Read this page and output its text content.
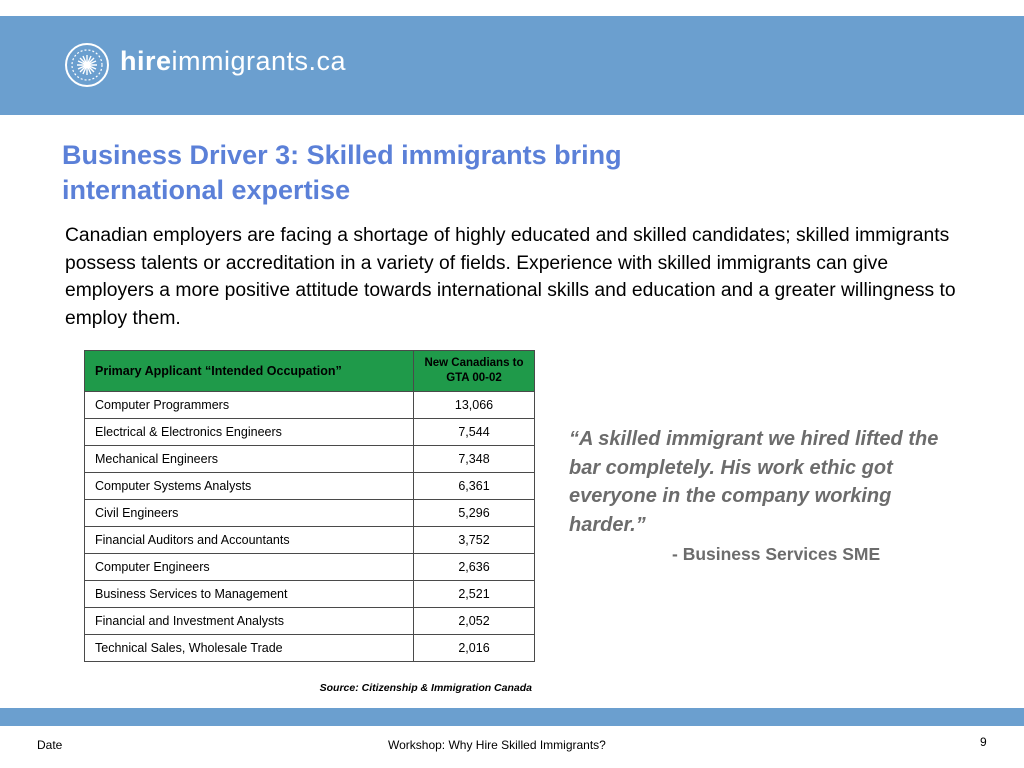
hireimmigrants.ca
Business Driver 3: Skilled immigrants bring international expertise
Canadian employers are facing a shortage of highly educated and skilled candidates; skilled immigrants possess talents or accreditation in a variety of fields. Experience with skilled immigrants can give employers a more positive attitude towards international skills and education and a greater willingness to employ them.
Primary Applicant “Intended Occupation”	New Canadians to GTA 00-02
Computer Programmers	13,066
Electrical & Electronics Engineers	7,544
Mechanical Engineers	7,348
Computer Systems Analysts	6,361
Civil Engineers	5,296
Financial Auditors and Accountants	3,752
Computer Engineers	2,636
Business Services to Management	2,521
Financial and Investment Analysts	2,052
Technical Sales, Wholesale Trade	2,016
Source: Citizenship & Immigration Canada
“A skilled immigrant we hired lifted the bar completely. His work ethic got everyone in the company working harder.”
- Business Services SME
Date	Workshop: Why Hire Skilled Immigrants?	9
